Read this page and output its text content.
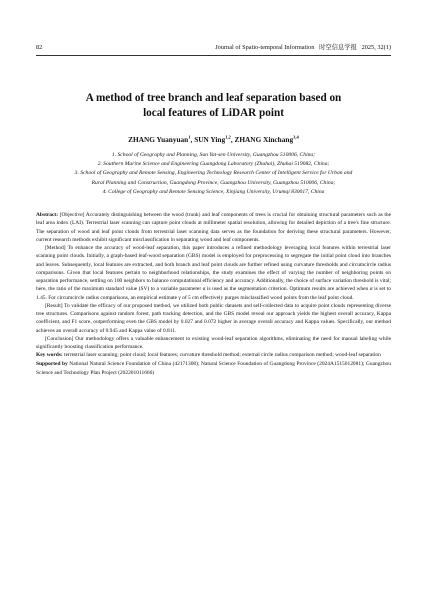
82	Journal of Spatio-temporal Information 时空信息学报 2025, 32(1)
A method of tree branch and leaf separation based on
local features of LiDAR point
ZHANG Yuanyuan$^1$, SUN Ying$^{1,2}$, ZHANG Xinchang$^{3,4}$
1. School of Geography and Planning, Sun Yat-sen University, Guangzhou 510006, China;
2. Southern Marine Science and Engineering Guangdong Laboratory (Zhuhai), Zhuhai 519082, China;
3. School of Geography and Remote Sensing, Engineering Technology Research Center of Intelligent Service for Urban and
Rural Planning and Construction, Guangdong Province, Guangzhou University, Guangzhou 510006, China;
4. College of Geography and Remote Sensing Science, Xinjiang University, Urumqi 830017, China

Abstract: [Objective] Accurately distinguishing between the wood (trunk) and leaf components of trees is crucial for obtaining structural parameters such as the leaf area index (LAI). Terrestrial laser scanning can capture point clouds at millimeter spatial resolution, allowing for detailed depiction of a tree's fine structure. The separation of wood and leaf point clouds from terrestrial laser scanning data serves as the foundation for deriving these structural parameters. However, current research methods exhibit significant misclassification in separating wood and leaf components.

[Method] To enhance the accuracy of wood-leaf separation, this paper introduces a refined methodology leveraging local features within terrestrial laser scanning point clouds. Initially, a graph-based leaf-wood separation (GBS) model is employed for preprocessing to segregate the initial point cloud into branches and leaves. Subsequently, local features are extracted, and both branch and leaf point clouds are further refined using curvature thresholds and circumcircle radius comparisons. Given that local features pertain to neighborhood relationships, the study examines the effect of varying the number of neighboring points on separation performance, settling on 100 neighbors to balance computational efficiency and accuracy. Additionally, the choice of surface variation threshold is vital; here, the ratio of the maximum standard value (SV) to a variable parameter α is used as the segmentation criterion. Optimum results are achieved when α is set to 1.45. For circumcircle radius comparisons, an empirical estimate γ of 5 cm effectively purges misclassified wood points from the leaf point cloud.

[Result] To validate the efficacy of our proposed method, we utilized both public datasets and self-collected data to acquire point clouds representing diverse tree structures. Comparisons against random forest, path tracking detection, and the GBS model reveal our approach yields the highest overall accuracy, Kappa coefficient, and F1 score, outperforming even the GBS model by 0.027 and 0.072 higher in average overall accuracy and Kappa values. Specifically, our method achieves an overall accuracy of 0.945 and Kappa value of 0.811.

[Conclusion] Our methodology offers a valuable enhancement to existing wood-leaf separation algorithms, eliminating the need for manual labeling while significantly boosting classification performance.

Key words: terrestrial laser scanning; point cloud; local features; curvature threshold method; external circle radius comparison method; wood-leaf separation

Supported by National Natural Science Foundation of China (42171308); Natural Science Foundation of Guangdong Province (2024A1515012081); Guangzhou Science and Technology Plan Project (202201011666)
